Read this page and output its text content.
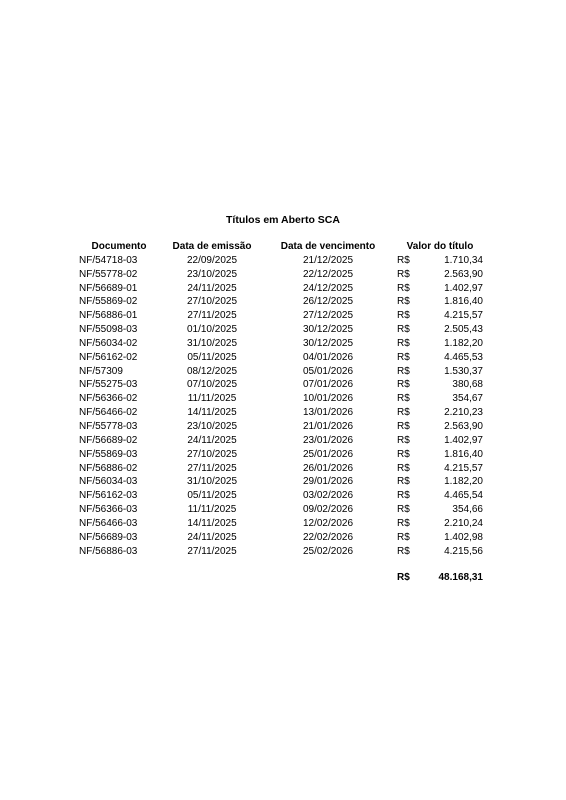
Títulos em Aberto SCA
Documento	Data de emissão	Data de vencimento	Valor do título
NF/54718-03	22/09/2025	21/12/2025	R$	1.710,34
NF/55778-02	23/10/2025	22/12/2025	R$	2.563,90
NF/56689-01	24/11/2025	24/12/2025	R$	1.402,97
NF/55869-02	27/10/2025	26/12/2025	R$	1.816,40
NF/56886-01	27/11/2025	27/12/2025	R$	4.215,57
NF/55098-03	01/10/2025	30/12/2025	R$	2.505,43
NF/56034-02	31/10/2025	30/12/2025	R$	1.182,20
NF/56162-02	05/11/2025	04/01/2026	R$	4.465,53
NF/57309	08/12/2025	05/01/2026	R$	1.530,37
NF/55275-03	07/10/2025	07/01/2026	R$	380,68
NF/56366-02	11/11/2025	10/01/2026	R$	354,67
NF/56466-02	14/11/2025	13/01/2026	R$	2.210,23
NF/55778-03	23/10/2025	21/01/2026	R$	2.563,90
NF/56689-02	24/11/2025	23/01/2026	R$	1.402,97
NF/55869-03	27/10/2025	25/01/2026	R$	1.816,40
NF/56886-02	27/11/2025	26/01/2026	R$	4.215,57
NF/56034-03	31/10/2025	29/01/2026	R$	1.182,20
NF/56162-03	05/11/2025	03/02/2026	R$	4.465,54
NF/56366-03	11/11/2025	09/02/2026	R$	354,66
NF/56466-03	14/11/2025	12/02/2026	R$	2.210,24
NF/56689-03	24/11/2025	22/02/2026	R$	1.402,98
NF/56886-03	27/11/2025	25/02/2026	R$	4.215,56
R$	48.168,31
